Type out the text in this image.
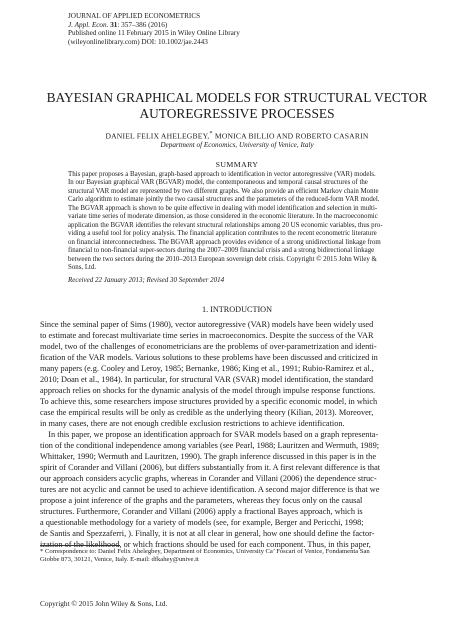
JOURNAL OF APPLIED ECONOMETRICS
J. Appl. Econ. 31: 357–386 (2016)
Published online 11 February 2015 in Wiley Online Library
(wileyonlinelibrary.com) DOI: 10.1002/jae.2443
BAYESIAN GRAPHICAL MODELS FOR STRUCTURAL VECTOR
AUTOREGRESSIVE PROCESSES
DANIEL FELIX AHELEGBEY,* MONICA BILLIO AND ROBERTO CASARIN
Department of Economics, University of Venice, Italy
SUMMARY
This paper proposes a Bayesian, graph-based approach to identification in vector autoregressive (VAR) models.
In our Bayesian graphical VAR (BGVAR) model, the contemporaneous and temporal causal structures of the
structural VAR model are represented by two different graphs. We also provide an efficient Markov chain Monte
Carlo algorithm to estimate jointly the two causal structures and the parameters of the reduced-form VAR model.
The BGVAR approach is shown to be quite effective in dealing with model identification and selection in multi-
variate time series of moderate dimension, as those considered in the economic literature. In the macroeconomic
application the BGVAR identifies the relevant structural relationships among 20 US economic variables, thus pro-
viding a useful tool for policy analysis. The financial application contributes to the recent econometric literature
on financial interconnectedness. The BGVAR approach provides evidence of a strong unidirectional linkage from
financial to non-financial super-sectors during the 2007–2009 financial crisis and a strong bidirectional linkage
between the two sectors during the 2010–2013 European sovereign debt crisis. Copyright © 2015 John Wiley &
Sons, Ltd.
Received 22 January 2013; Revised 30 September 2014
1. INTRODUCTION
Since the seminal paper of Sims (1980), vector autoregressive (VAR) models have been widely used
to estimate and forecast multivariate time series in macroeconomics. Despite the success of the VAR
model, two of the challenges of econometricians are the problems of over-parametrization and identi-
fication of the VAR models. Various solutions to these problems have been discussed and criticized in
many papers (e.g. Cooley and Leroy, 1985; Bernanke, 1986; King et al., 1991; Rubio-Ramirez et al.,
2010; Doan et al., 1984). In particular, for structural VAR (SVAR) model identification, the standard
approach relies on shocks for the dynamic analysis of the model through impulse response functions.
To achieve this, some researchers impose structures provided by a specific economic model, in which
case the empirical results will be only as credible as the underlying theory (Kilian, 2013). Moreover,
in many cases, there are not enough credible exclusion restrictions to achieve identification.
In this paper, we propose an identification approach for SVAR models based on a graph representa-
tion of the conditional independence among variables (see Pearl, 1988; Lauritzen and Wermuth, 1989;
Whittaker, 1990; Wermuth and Lauritzen, 1990). The graph inference discussed in this paper is in the
spirit of Corander and Villani (2006), but differs substantially from it. A first relevant difference is that
our approach considers acyclic graphs, whereas in Corander and Villani (2006) the dependence struc-
tures are not acyclic and cannot be used to achieve identification. A second major difference is that we
propose a joint inference of the graphs and the parameters, whereas they focus only on the causal
structures. Furthermore, Corander and Villani (2006) apply a fractional Bayes approach, which is
a questionable methodology for a variety of models (see, for example, Berger and Pericchi, 1998;
de Santis and Spezzaferri, ). Finally, it is not at all clear in general, how one should define the factor-
ization of the likelihood, or which fractions should be used for each component. Thus, in this paper,
* Correspondence to: Daniel Felix Ahelegbey, Department of Economics, University Ca’ Foscari of Venice, Fondamenta San
Giobbe 873, 30121, Venice, Italy. E-mail: dfkahey@unive.it
Copyright © 2015 John Wiley & Sons, Ltd.
